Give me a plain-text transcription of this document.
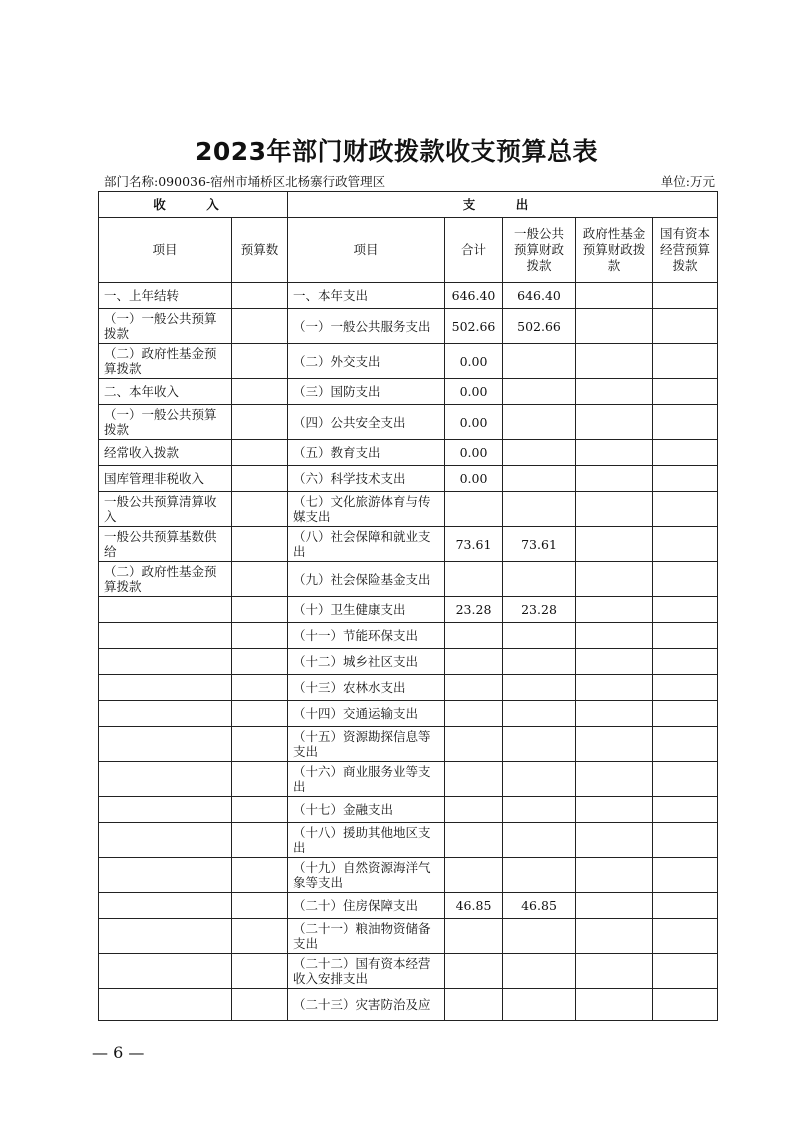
2023年部门财政拨款收支预算总表
部门名称:090036-宿州市埇桥区北杨寨行政管理区	单位:万元
收　入		支　出				
项目	预算数	项目	合计	一般公共预算财政拨款	政府性基金预算财政拨款	国有资本经营预算拨款
一、上年结转		一、本年支出	646.40	646.40		
（一）一般公共预算拨款		（一）一般公共服务支出	502.66	502.66		
（二）政府性基金预算拨款		（二）外交支出	0.00			
二、本年收入		（三）国防支出	0.00			
（一）一般公共预算拨款		（四）公共安全支出	0.00			
经常收入拨款		（五）教育支出	0.00			
国库管理非税收入		（六）科学技术支出	0.00			
一般公共预算清算收入		（七）文化旅游体育与传媒支出				
一般公共预算基数供给		（八）社会保障和就业支出	73.61	73.61		
（二）政府性基金预算拨款		（九）社会保险基金支出				
		（十）卫生健康支出	23.28	23.28		
		（十一）节能环保支出				
		（十二）城乡社区支出				
		（十三）农林水支出				
		（十四）交通运输支出				
		（十五）资源勘探信息等支出				
		（十六）商业服务业等支出				
		（十七）金融支出				
		（十八）援助其他地区支出				
		（十九）自然资源海洋气象等支出				
		（二十）住房保障支出	46.85	46.85		
		（二十一）粮油物资储备支出				
		（二十二）国有资本经营收入安排支出				
		（二十三）灾害防治及应				
— 6 —
